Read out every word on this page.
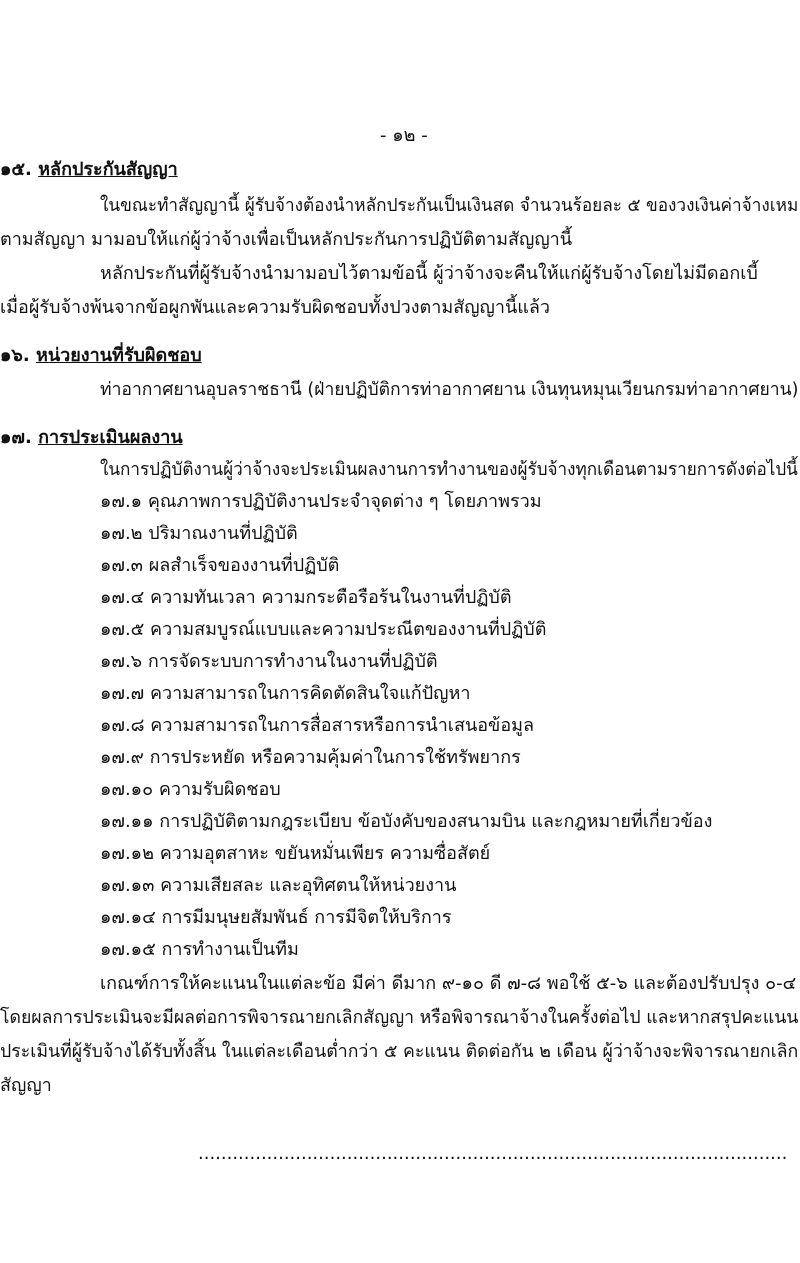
- ๑๒ -
๑๕. หลักประกันสัญญา
ในขณะทำสัญญานี้ ผู้รับจ้างต้องนำหลักประกันเป็นเงินสด จำนวนร้อยละ ๕ ของวงเงินค่าจ้างเหม
ตามสัญญา มามอบให้แก่ผู้ว่าจ้างเพื่อเป็นหลักประกันการปฏิบัติตามสัญญานี้
หลักประกันที่ผู้รับจ้างนำมามอบไว้ตามข้อนี้ ผู้ว่าจ้างจะคืนให้แก่ผู้รับจ้างโดยไม่มีดอกเบี้
เมื่อผู้รับจ้างพ้นจากข้อผูกพันและความรับผิดชอบทั้งปวงตามสัญญานี้แล้ว
๑๖. หน่วยงานที่รับผิดชอบ
ท่าอากาศยานอุบลราชธานี (ฝ่ายปฏิบัติการท่าอากาศยาน เงินทุนหมุนเวียนกรมท่าอากาศยาน)
๑๗. การประเมินผลงาน
ในการปฏิบัติงานผู้ว่าจ้างจะประเมินผลงานการทำงานของผู้รับจ้างทุกเดือนตามรายการดังต่อไปนี้
๑๗.๑ คุณภาพการปฏิบัติงานประจำจุดต่าง ๆ โดยภาพรวม
๑๗.๒ ปริมาณงานที่ปฏิบัติ
๑๗.๓ ผลสำเร็จของงานที่ปฏิบัติ
๑๗.๔ ความทันเวลา ความกระตือรือร้นในงานที่ปฏิบัติ
๑๗.๕ ความสมบูรณ์แบบและความประณีตของงานที่ปฏิบัติ
๑๗.๖ การจัดระบบการทำงานในงานที่ปฏิบัติ
๑๗.๗ ความสามารถในการคิดตัดสินใจแก้ปัญหา
๑๗.๘ ความสามารถในการสื่อสารหรือการนำเสนอข้อมูล
๑๗.๙ การประหยัด หรือความคุ้มค่าในการใช้ทรัพยากร
๑๗.๑๐ ความรับผิดชอบ
๑๗.๑๑ การปฏิบัติตามกฎระเบียบ ข้อบังคับของสนามบิน และกฎหมายที่เกี่ยวข้อง
๑๗.๑๒ ความอุตสาหะ ขยันหมั่นเพียร ความซื่อสัตย์
๑๗.๑๓ ความเสียสละ และอุทิศตนให้หน่วยงาน
๑๗.๑๔ การมีมนุษยสัมพันธ์ การมีจิตให้บริการ
๑๗.๑๕ การทำงานเป็นทีม
เกณฑ์การให้คะแนนในแต่ละข้อ มีค่า ดีมาก ๙-๑๐ ดี ๗-๘ พอใช้ ๕-๖ และต้องปรับปรุง ๐-๔
โดยผลการประเมินจะมีผลต่อการพิจารณายกเลิกสัญญา หรือพิจารณาจ้างในครั้งต่อไป และหากสรุปคะแนน
ประเมินที่ผู้รับจ้างได้รับทั้งสิ้น ในแต่ละเดือนต่ำกว่า ๕ คะแนน ติดต่อกัน ๒ เดือน ผู้ว่าจ้างจะพิจารณายกเลิก
สัญญา
.......................................................................................................
